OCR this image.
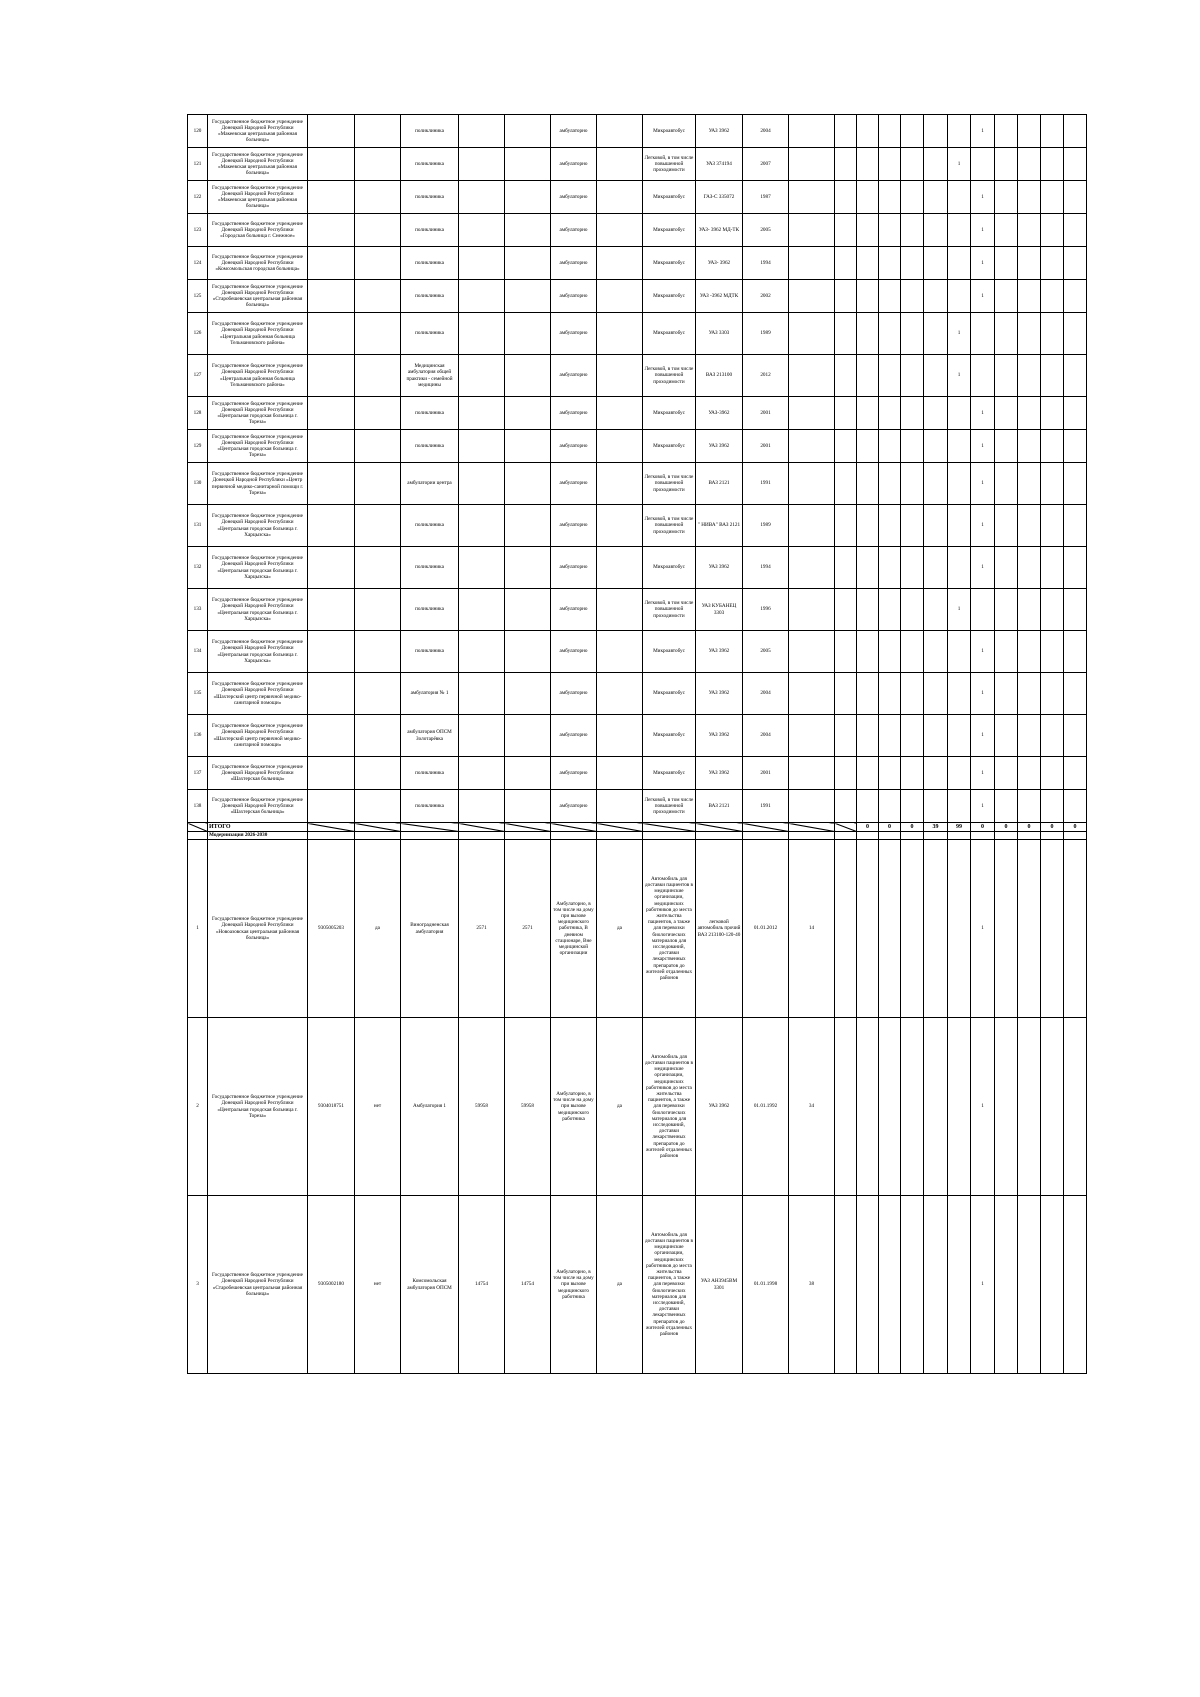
120	Государственное бюджетное учреждение Донецкой Народной Республики «Макеевская центральная районная больница»			поликлиника			амбулаторно		Микроавтобус	УАЗ 3962	2004								1				
121	Государственное бюджетное учреждение Донецкой Народной Республики «Макеевская центральная районная больница»			поликлиника			амбулаторно		Легковой, в том числе повышенной проходимости	УАЗ 374194	2007							1					
122	Государственное бюджетное учреждение Донецкой Народной Республики «Макеевская центральная районная больница»			поликлиника			амбулаторно		Микроавтобус	ГАЗ-С 335072	1987								1				
123	Государственное бюджетное учреждение Донецкой Народной Республики «Городская больница г. Снежное»			поликлиника			амбулаторно		Микроавтобус	УАЗ- 3962 МД-ТК	2005								1				
124	Государственное бюджетное учреждение Донецкой Народной Республики «Комсомольская городская больница»			поликлиника			амбулаторно		Микроавтобус	УАЗ- 3962	1994								1				
125	Государственное бюджетное учреждение Донецкой Народной Республики «Старобешевская центральная районная больница»			поликлиника			амбулаторно		Микроавтобус	УАЗ -3962 МДТК	2002								1				
126	Государственное бюджетное учреждение Донецкой Народной Республики «Центральная районная больница Тельмановского района»			поликлиника			амбулаторно		Микроавтобус	УАЗ 3303	1989							1					
127	Государственное бюджетное учреждение Донецкой Народной Республики «Центральная районная больница Тельмановского района»			Медицинская амбулатория общей практики - семейной медицины			амбулаторно		Легковой, в том числе повышенной проходимости	ВАЗ 213100	2012							1					
128	Государственное бюджетное учреждение Донецкой Народной Республики «Центральная городская больница г. Тореза»			поликлиника			амбулаторно		Микроавтобус	УАЗ-3962	2001								1				
129	Государственное бюджетное учреждение Донецкой Народной Республики «Центральная городская больница г. Тореза»			поликлиника			амбулаторно		Микроавтобус	УАЗ 3962	2001								1				
130	Государственное бюджетное учреждение Донецкой Народной Республики «Центр первичной медико-санитарной помощи г. Тореза»			амбулатории центра			амбулаторно		Легковой, в том числе повышенной проходимости	ВАЗ 2121	1991								1				
131	Государственное бюджетное учреждение Донецкой Народной Республики «Центральная городская больница г. Харцызска»			поликлиника			амбулаторно		Легковой, в том числе повышенной проходимости	" НИВА" ВАЗ 2121	1989								1				
132	Государственное бюджетное учреждение Донецкой Народной Республики «Центральная городская больница г. Харцызска»			поликлиника			амбулаторно		Микроавтобус	УАЗ 3962	1994								1				
133	Государственное бюджетное учреждение Донецкой Народной Республики «Центральная городская больница г. Харцызска»			поликлиника			амбулаторно		Легковой, в том числе повышенной проходимости	УАЗ КУБАНЕЦ 3303	1996							1					
134	Государственное бюджетное учреждение Донецкой Народной Республики «Центральная городская больница г. Харцызска»			поликлиника			амбулаторно		Микроавтобус	УАЗ 3962	2005								1				
135	Государственное бюджетное учреждение Донецкой Народной Республики «Шахтерский центр первичной медико-санитарной помощи»			амбулатория № 1			амбулаторно		Микроавтобус	УАЗ 3962	2004								1				
136	Государственное бюджетное учреждение Донецкой Народной Республики «Шахтерский центр первичной медико-санитарной помощи»			амбулатория ОПСМ Золотарёвка			амбулаторно		Микроавтобус	УАЗ 3962	2004								1				
137	Государственное бюджетное учреждение Донецкой Народной Республики «Шахтерская больница»			поликлиника			амбулаторно		Микроавтобус	УАЗ 3962	2001								1				
138	Государственное бюджетное учреждение Донецкой Народной Республики «Шахтерская больница»			поликлиника			амбулаторно		Легковой, в том числе повышенной проходимости	ВАЗ 2121	1991								1				
	ИТОГО													0	0	0	39	99	0	0	0	0	0
	Модернизация 2026-2030																						
1	Государственное бюджетное учреждение Донецкой Народной Республики «Новоазовская центральная районная больница»	9305005203	да	Виноградненская амбулатория	2571	2571	Амбулаторно, в том числе на дому при вызове медицинского работника, В дневном стационаре, Вне медицинской организации	да	Автомобиль для доставки пациентов в медицинские организации, медицинских работников до места жительства пациентов, а также для перевозки биологических материалов для исследований, доставки лекарственных препаратов до жителей отдаленных районов	легковой автомобиль прочий ВАЗ 213100-120-40	01.01.2012	14							1				
2	Государственное бюджетное учреждение Донецкой Народной Республики «Центральная городская больница г. Тореза»	9304018751	нет	Амбулатория 1	59958	59958	Амбулаторно, в том числе на дому при вызове медицинского работника	да	Автомобиль для доставки пациентов в медицинские организации, медицинских работников до места жительства пациентов, а также для перевозки биологических материалов для исследований, доставки лекарственных препаратов до жителей отдаленных районов	УАЗ 3962	01.01.1992	34							1				
3	Государственное бюджетное учреждение Донецкой Народной Республики «Старобешевская центральная районная больница»	9305002180	нет	Комсомольская амбулатория ОПСМ	14754	14754	Амбулаторно, в том числе на дому при вызове медицинского работника	да	Автомобиль для доставки пациентов в медицинские организации, медицинских работников до места жительства пациентов, а также для перевозки биологических материалов для исследований, доставки лекарственных препаратов до жителей отдаленных районов	УАЗ АН3945ВМ 3301	01.01.1998	38							1				
